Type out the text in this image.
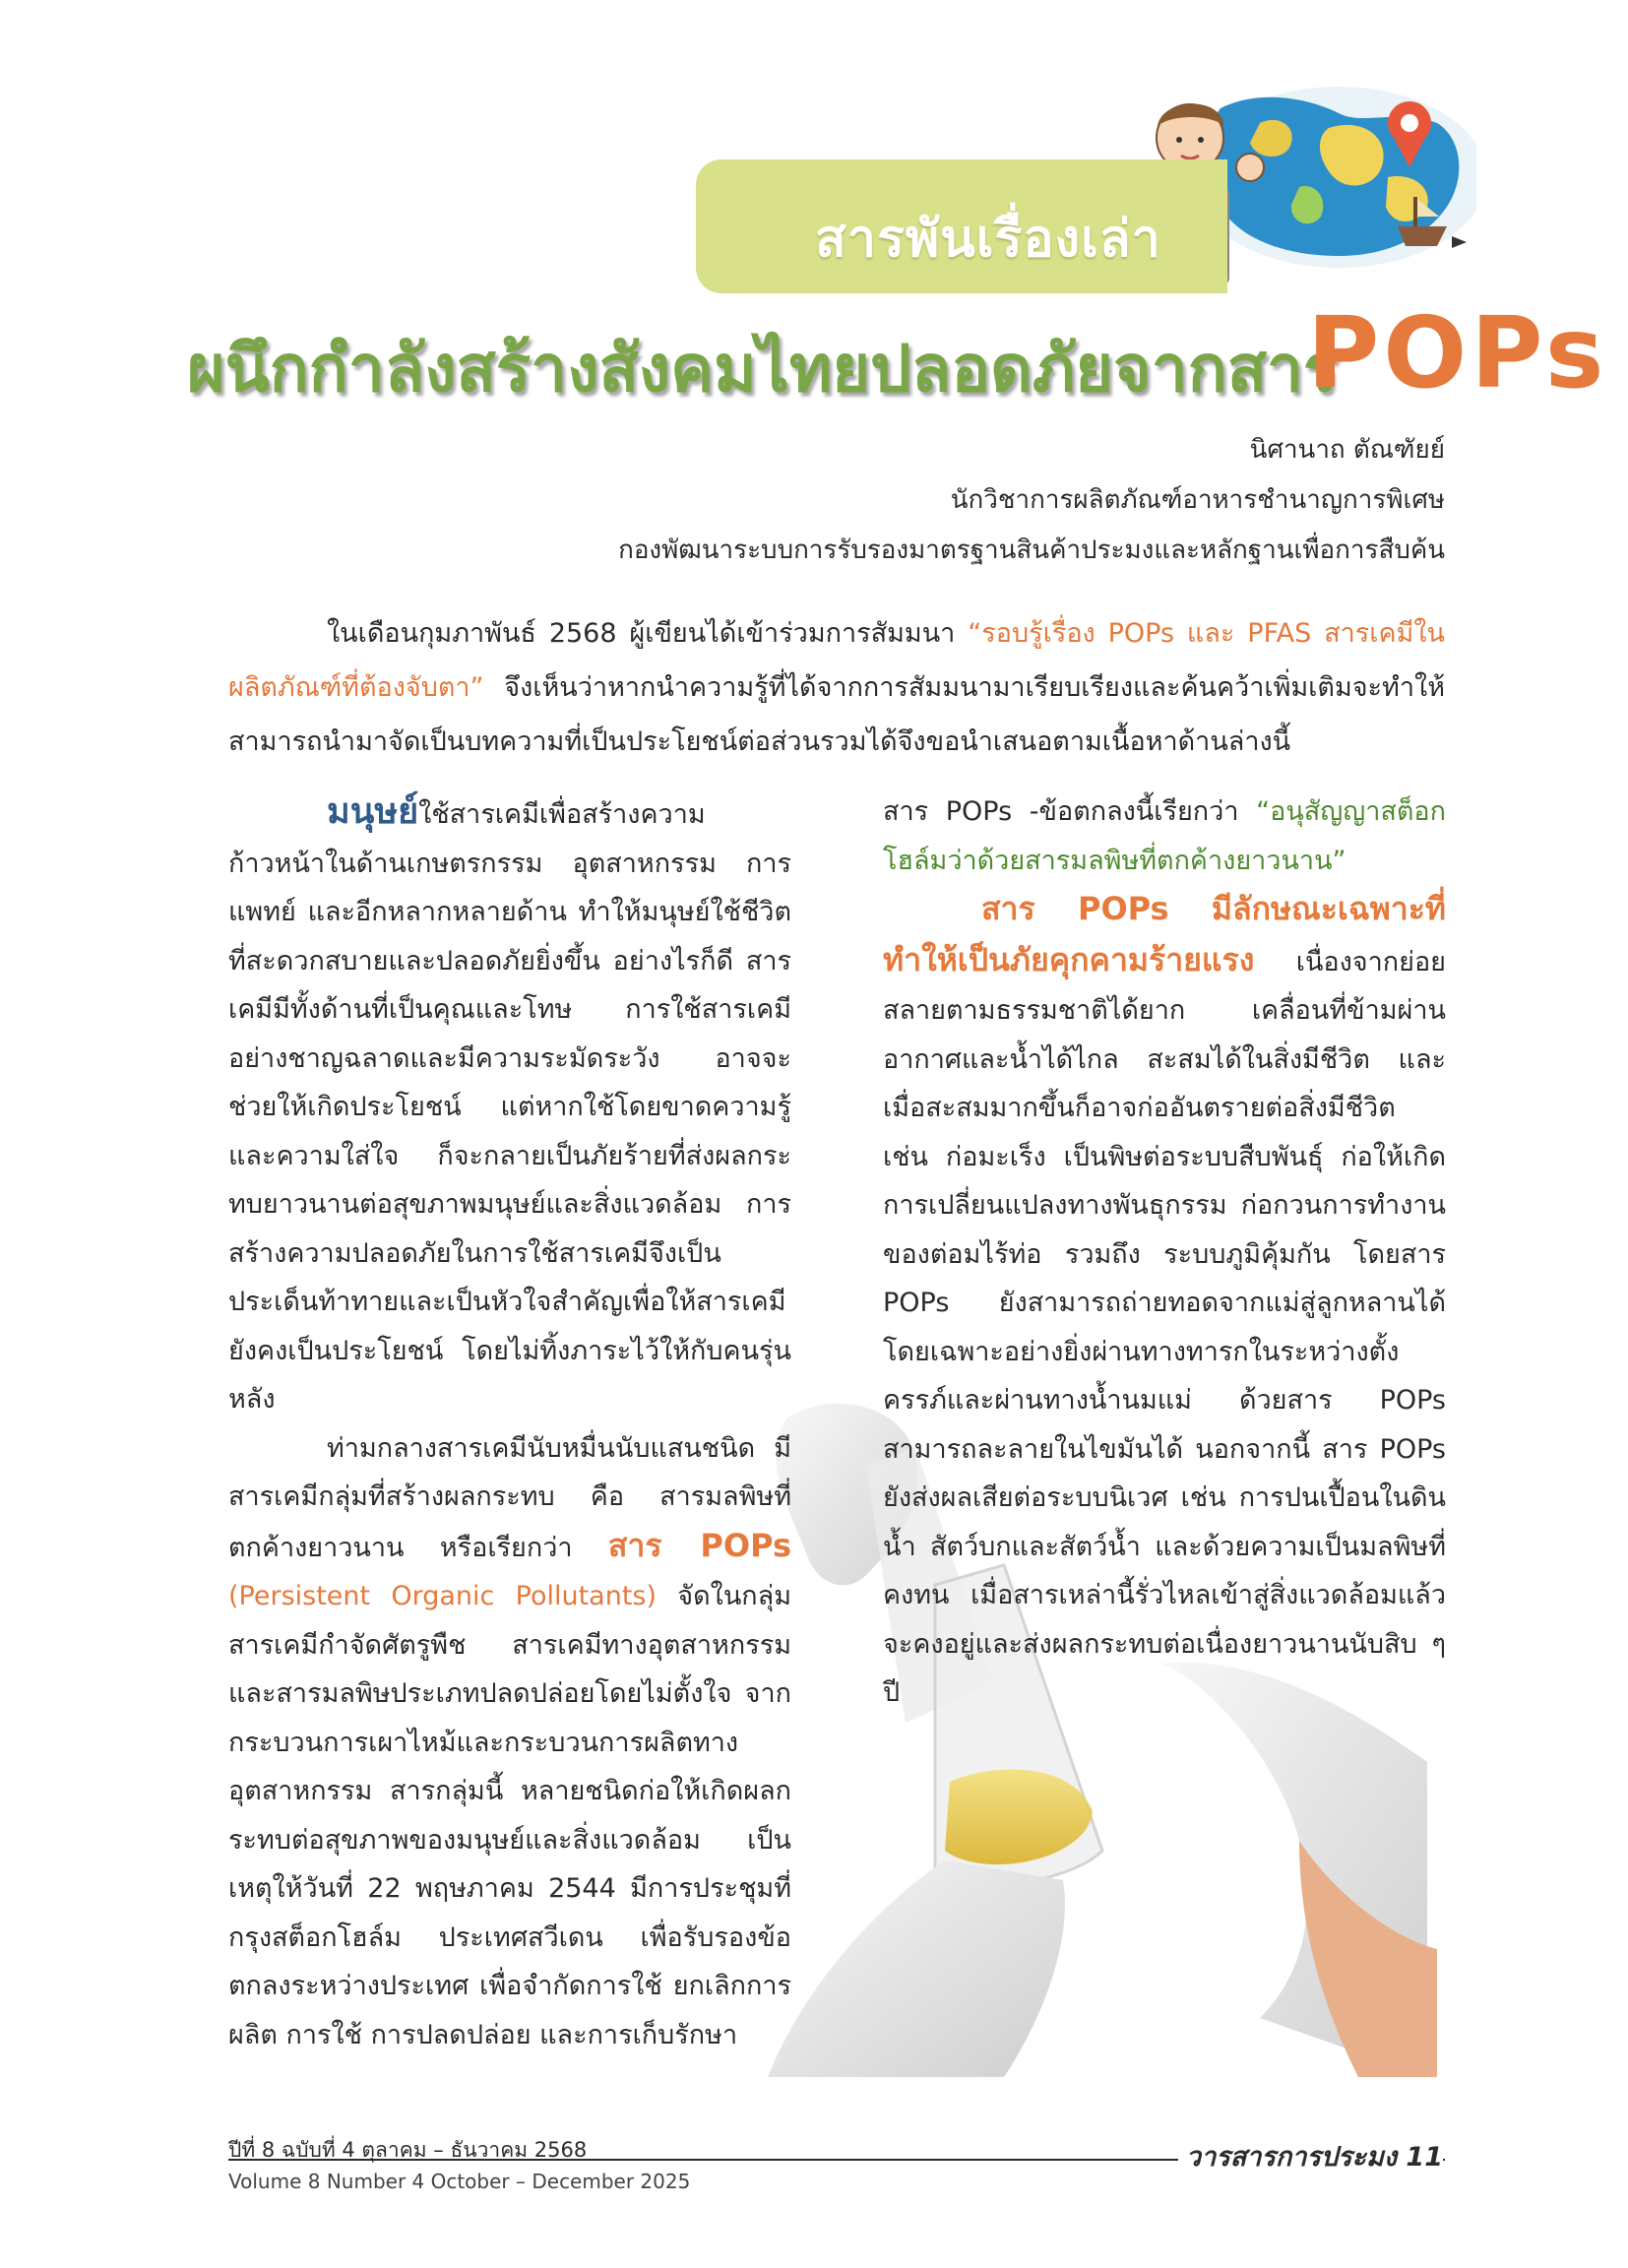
สารพันเรื่องเล่า
ผนึกกำลังสร้างสังคมไทยปลอดภัยจากสาร
POPs
นิศานาถ ตัณฑัยย์
นักวิชาการผลิตภัณฑ์อาหารชำนาญการพิเศษ
กองพัฒนาระบบการรับรองมาตรฐานสินค้าประมงและหลักฐานเพื่อการสืบค้น
ในเดือนกุมภาพันธ์ 2568 ผู้เขียนได้เข้าร่วมการสัมมนา “รอบรู้เรื่อง POPs และ PFAS สารเคมีในผลิตภัณฑ์ที่ต้องจับตา” จึงเห็นว่าหากนำความรู้ที่ได้จากการสัมมนามาเรียบเรียงและค้นคว้าเพิ่มเติมจะทำให้สามารถนำมาจัดเป็นบทความที่เป็นประโยชน์ต่อส่วนรวมได้จึงขอนำเสนอตามเนื้อหาด้านล่างนี้

มนุษย์ใช้สารเคมีเพื่อสร้างความก้าวหน้าในด้านเกษตรกรรม อุตสาหกรรม การแพทย์ และอีกหลากหลายด้าน ทำให้มนุษย์ใช้ชีวิตที่สะดวกสบายและปลอดภัยยิ่งขึ้น อย่างไรก็ดี สารเคมีมีทั้งด้านที่เป็นคุณและโทษ การใช้สารเคมีอย่างชาญฉลาดและมีความระมัดระวัง อาจจะช่วยให้เกิดประโยชน์ แต่หากใช้โดยขาดความรู้และความใส่ใจ ก็จะกลายเป็นภัยร้ายที่ส่งผลกระทบยาวนานต่อสุขภาพมนุษย์และสิ่งแวดล้อม การสร้างความปลอดภัยในการใช้สารเคมีจึงเป็นประเด็นท้าทายและเป็นหัวใจสำคัญเพื่อให้สารเคมียังคงเป็นประโยชน์ โดยไม่ทิ้งภาระไว้ให้กับคนรุ่นหลัง

ท่ามกลางสารเคมีนับหมื่นนับแสนชนิด มีสารเคมีกลุ่มที่สร้างผลกระทบ คือ สารมลพิษที่ตกค้างยาวนาน หรือเรียกว่า สาร POPs (Persistent Organic Pollutants) จัดในกลุ่มสารเคมีกำจัดศัตรูพืช สารเคมีทางอุตสาหกรรม และสารมลพิษประเภทปลดปล่อยโดยไม่ตั้งใจ จากกระบวนการเผาไหม้และกระบวนการผลิตทางอุตสาหกรรม สารกลุ่มนี้ หลายชนิดก่อให้เกิดผลกระทบต่อสุขภาพของมนุษย์และสิ่งแวดล้อม เป็นเหตุให้วันที่ 22 พฤษภาคม 2544 มีการประชุมที่กรุงสต็อกโฮล์ม ประเทศสวีเดน เพื่อรับรองข้อตกลงระหว่างประเทศ เพื่อจำกัดการใช้ ยกเลิกการผลิต การใช้ การปลดปล่อย และการเก็บรักษา

สาร POPs -ข้อตกลงนี้เรียกว่า “อนุสัญญาสต็อกโฮล์มว่าด้วยสารมลพิษที่ตกค้างยาวนาน”

สาร POPs มีลักษณะเฉพาะที่ทำให้เป็นภัยคุกคามร้ายแรง เนื่องจากย่อยสลายตามธรรมชาติได้ยาก เคลื่อนที่ข้ามผ่านอากาศและน้ำได้ไกล สะสมได้ในสิ่งมีชีวิต และเมื่อสะสมมากขึ้นก็อาจก่ออันตรายต่อสิ่งมีชีวิต เช่น ก่อมะเร็ง เป็นพิษต่อระบบสืบพันธุ์ ก่อให้เกิดการเปลี่ยนแปลงทางพันธุกรรม ก่อกวนการทำงานของต่อมไร้ท่อ รวมถึง ระบบภูมิคุ้มกัน โดยสาร POPs ยังสามารถถ่ายทอดจากแม่สู่ลูกหลานได้ โดยเฉพาะอย่างยิ่งผ่านทางทารกในระหว่างตั้งครรภ์และผ่านทางน้ำนมแม่ ด้วยสาร POPs สามารถละลายในไขมันได้ นอกจากนี้ สาร POPs ยังส่งผลเสียต่อระบบนิเวศ เช่น การปนเปื้อนในดิน น้ำ สัตว์บกและสัตว์น้ำ และด้วยความเป็นมลพิษที่คงทน เมื่อสารเหล่านี้รั่วไหลเข้าสู่สิ่งแวดล้อมแล้ว จะคงอยู่และส่งผลกระทบต่อเนื่องยาวนานนับสิบ ๆ ปี

ปีที่ 8 ฉบับที่ 4 ตุลาคม – ธันวาคม 2568
Volume 8 Number 4 October – December 2025
วารสารการประมง 11
